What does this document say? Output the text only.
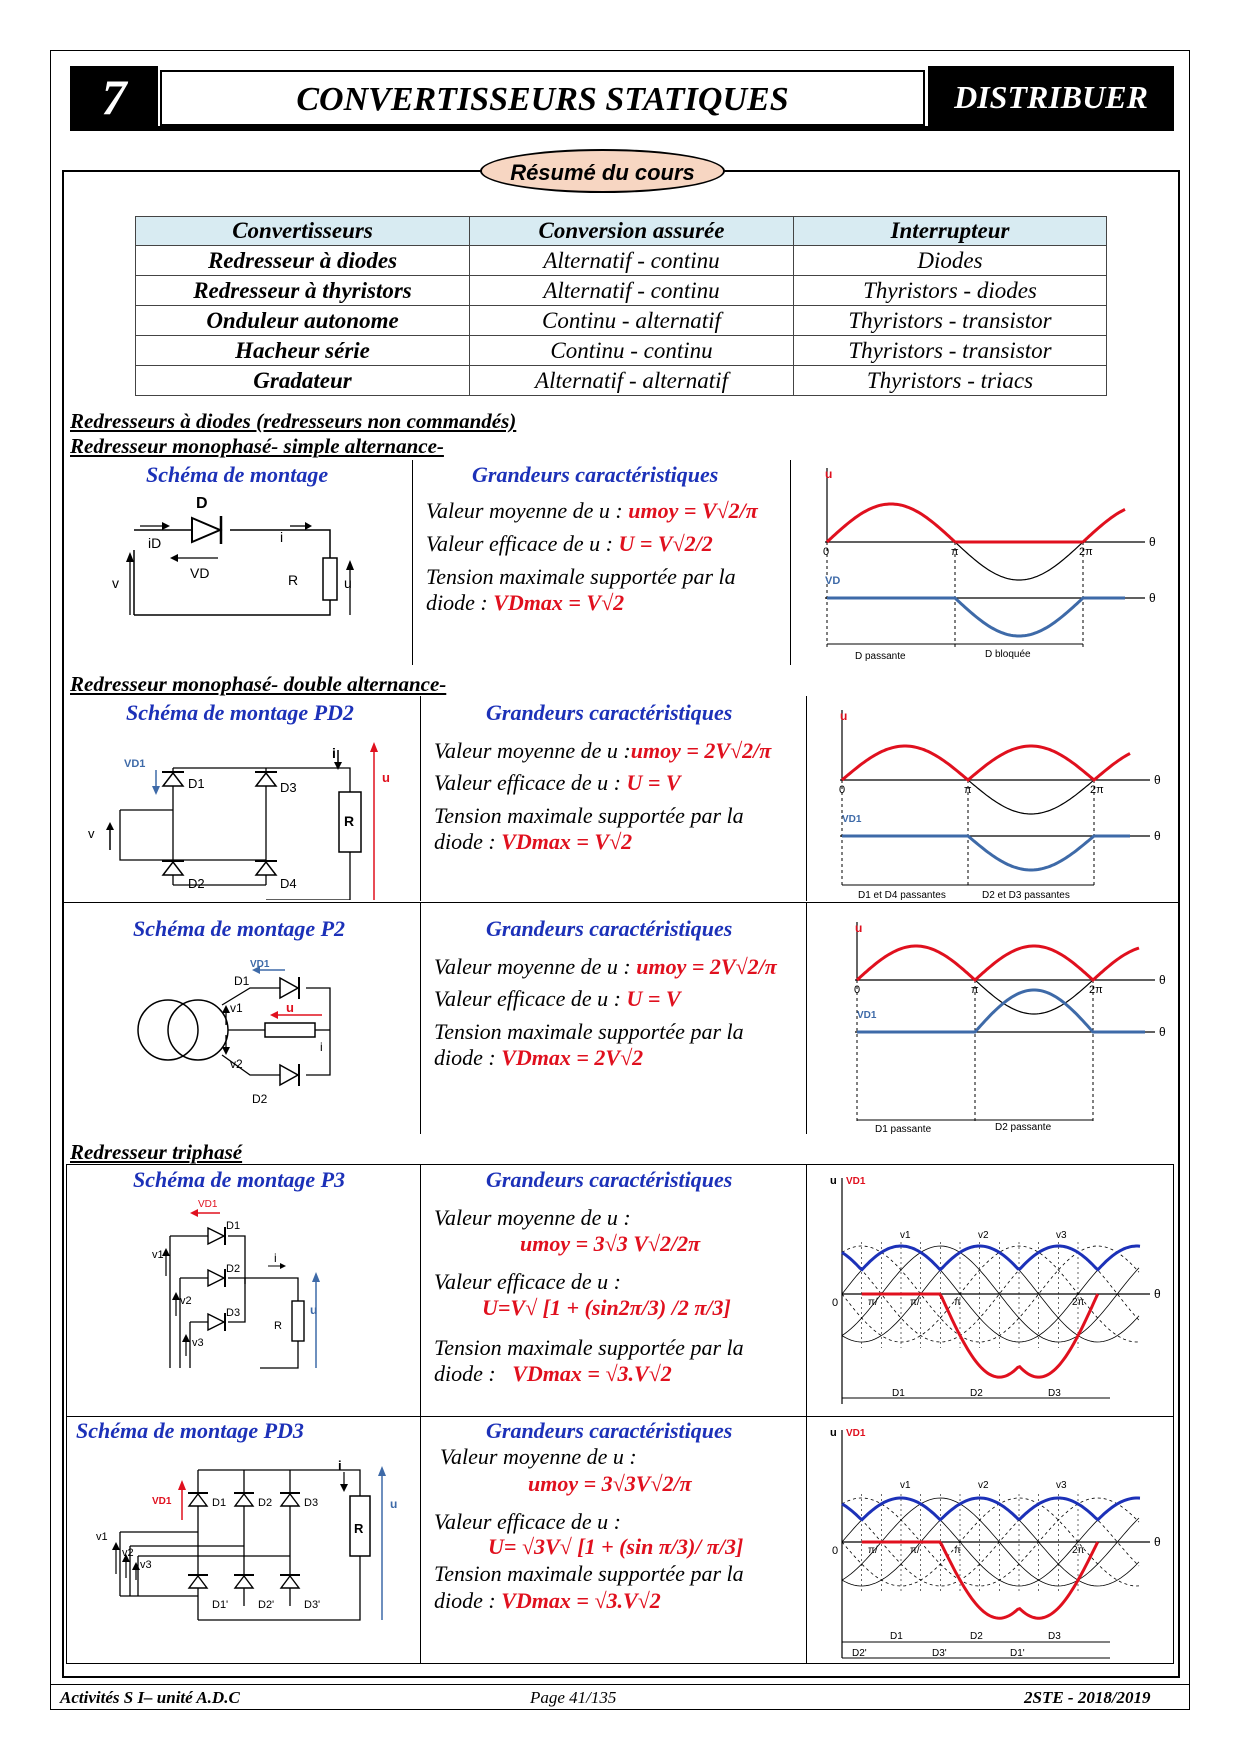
7	CONVERTISSEURS STATIQUES	DISTRIBUER
Résumé du cours
Convertisseurs	Conversion assurée	Interrupteur
Redresseur à diodes	Alternatif - continu	Diodes
Redresseur à thyristors	Alternatif - continu	Thyristors - diodes
Onduleur autonome	Continu - alternatif	Thyristors - transistor
Hacheur série	Continu - continu	Thyristors - transistor
Gradateur	Alternatif - alternatif	Thyristors - triacs
Redresseurs à diodes (redresseurs non commandés)
Redresseur monophasé- simple alternance-
Redresseur monophasé- double alternance-
Redresseur triphasé
Schéma de montage	Grandeurs caractéristiques
Valeur moyenne de u : umoy = V√2/π
Valeur efficace de u : U = V√2/2
Tension maximale supportée par la
diode : VDmax = V√2
D
iD
VD
i
R	u
v
u
VD
0	π	2π
θ
θ
D passante	D bloquée
Schéma de montage PD2	Grandeurs caractéristiques
Valeur moyenne de u :umoy = 2V√2/π
Valeur efficace de u : U = V
Tension maximale supportée par la
diode : VDmax = V√2
VD1
D1	D3
D2	D4
R
i
u
v
u
VD1
0	π	2π
θ
θ
D1 et D4 passantes	D2 et D3 passantes
Schéma de montage P2	Grandeurs caractéristiques
Valeur moyenne de u : umoy = 2V√2/π
Valeur efficace de u : U = V
Tension maximale supportée par la
diode : VDmax = 2V√2
VD1
D1
D2
v1
v2
u
i
u
VD1
0	π	2π
θ
θ
D1 passante	D2 passante
Schéma de montage P3	Grandeurs caractéristiques
Valeur moyenne de u :
umoy = 3√3 V√2/2π
Valeur efficace de u :
U=V√ [1 + (sin2π/3) /2 π/3]
Tension maximale supportée par la
diode :   VDmax = √3.V√2
VD1
D1
D2
D3
v1
v2
v3
R
i
u
u VD1
v1	v2	v3
0	π/	π/	π	2π
θ
D1	D2	D3
Schéma de montage PD3	Grandeurs caractéristiques
Valeur moyenne de u :
umoy = 3√3V√2/π
Valeur efficace de u :
U= √3V√ [1 + (sin π/3)/ π/3]
Tension maximale supportée par la
diode : VDmax = √3.V√2
VD1	D1	D2	D3
D1'	D2'	D3'
v1
v2
v3
R
i
u
u VD1
v1	v2	v3
0	π/	π/	π	2π
θ
D1	D2	D3
D2'	D3'	D1'
Activités S I– unité A.D.C	Page 41/135	2STE - 2018/2019
